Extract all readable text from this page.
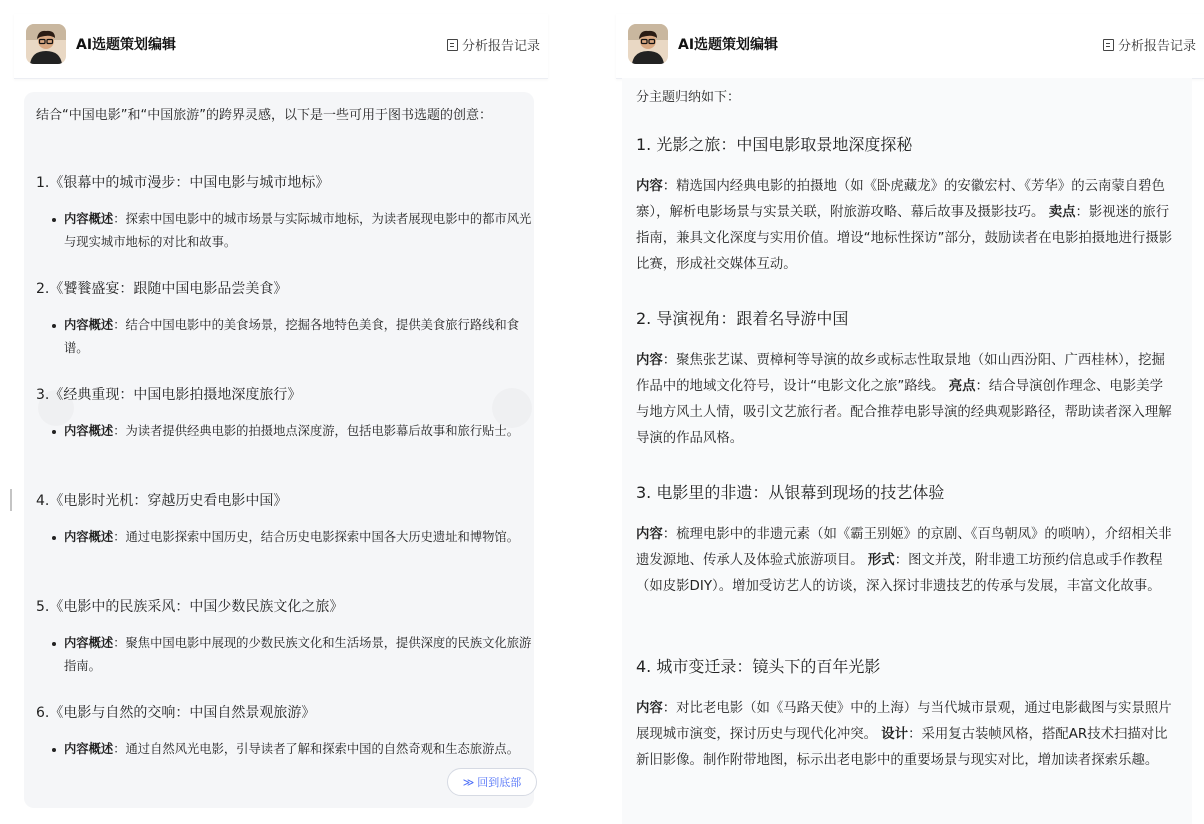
AI选题策划编辑	分析报告记录
结合“中国电影”和“中国旅游”的跨界灵感，以下是一些可用于图书选题的创意：
1.《银幕中的城市漫步：中国电影与城市地标》
内容概述：探索中国电影中的城市场景与实际城市地标，为读者展现电影中的都市风光与现实城市地标的对比和故事。
2.《饕餮盛宴：跟随中国电影品尝美食》
内容概述：结合中国电影中的美食场景，挖掘各地特色美食，提供美食旅行路线和食谱。
3.《经典重现：中国电影拍摄地深度旅行》
内容概述：为读者提供经典电影的拍摄地点深度游，包括电影幕后故事和旅行贴士。
4.《电影时光机：穿越历史看电影中国》
内容概述：通过电影探索中国历史，结合历史电影探索中国各大历史遗址和博物馆。
5.《电影中的民族采风：中国少数民族文化之旅》
内容概述：聚焦中国电影中展现的少数民族文化和生活场景，提供深度的民族文化旅游指南。
6.《电影与自然的交响：中国自然景观旅游》
内容概述：通过自然风光电影，引导读者了解和探索中国的自然奇观和生态旅游点。
≫ 回到底部
AI选题策划编辑	分析报告记录
分主题归纳如下：
1. 光影之旅：中国电影取景地深度探秘
内容：精选国内经典电影的拍摄地（如《卧虎藏龙》的安徽宏村、《芳华》的云南蒙自碧色寨），解析电影场景与实景关联，附旅游攻略、幕后故事及摄影技巧。 卖点：影视迷的旅行指南，兼具文化深度与实用价值。增设“地标性探访”部分，鼓励读者在电影拍摄地进行摄影比赛，形成社交媒体互动。
2. 导演视角：跟着名导游中国
内容：聚焦张艺谋、贾樟柯等导演的故乡或标志性取景地（如山西汾阳、广西桂林），挖掘作品中的地域文化符号，设计“电影文化之旅”路线。 亮点：结合导演创作理念、电影美学与地方风土人情，吸引文艺旅行者。配合推荐电影导演的经典观影路径，帮助读者深入理解导演的作品风格。
3. 电影里的非遗：从银幕到现场的技艺体验
内容：梳理电影中的非遗元素（如《霸王别姬》的京剧、《百鸟朝凤》的唢呐），介绍相关非遗发源地、传承人及体验式旅游项目。 形式：图文并茂，附非遗工坊预约信息或手作教程（如皮影DIY）。增加受访艺人的访谈，深入探讨非遗技艺的传承与发展，丰富文化故事。
4. 城市变迁录：镜头下的百年光影
内容：对比老电影（如《马路天使》中的上海）与当代城市景观，通过电影截图与实景照片展现城市演变，探讨历史与现代化冲突。 设计：采用复古装帧风格，搭配AR技术扫描对比新旧影像。制作附带地图，标示出老电影中的重要场景与现实对比，增加读者探索乐趣。
